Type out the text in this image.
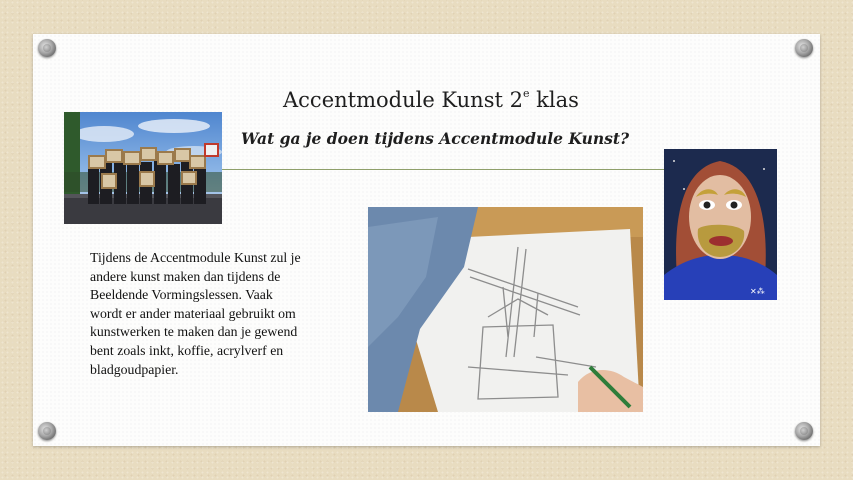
Accentmodule Kunst 2e klas
Wat ga je doen tijdens Accentmodule Kunst?
✕⁂
Tijdens de Accentmodule Kunst zul je
andere kunst maken dan tijdens de
Beeldende Vormingslessen. Vaak
wordt er ander materiaal gebruikt om
kunstwerken te maken dan je gewend
bent zoals inkt, koffie, acrylverf en
bladgoudpapier.
